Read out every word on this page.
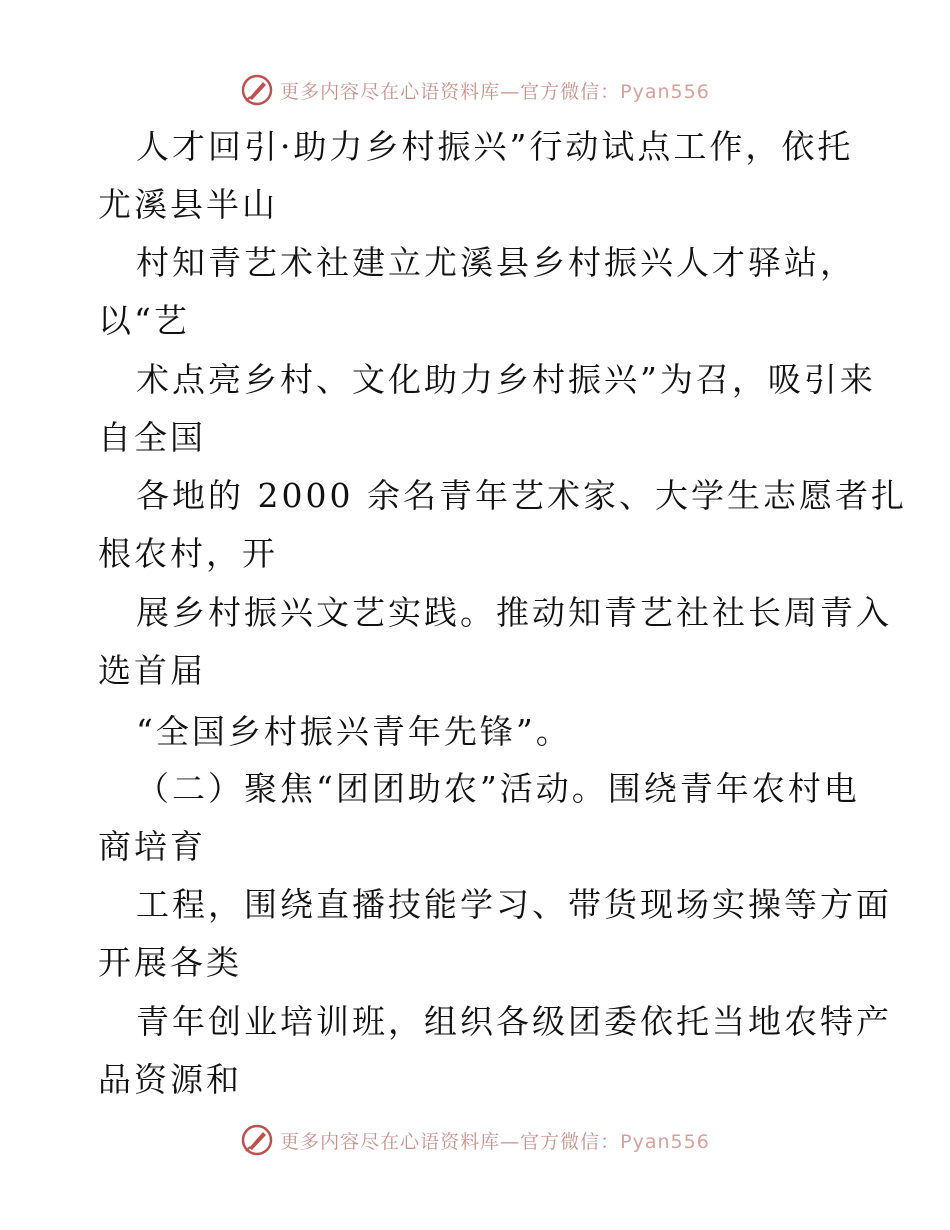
更多内容尽在心语资料库—官方微信：Pyan556
人才回引·助力乡村振兴”行动试点工作，依托
尤溪县半山
村知青艺术社建立尤溪县乡村振兴人才驿站，
以“艺
术点亮乡村、文化助力乡村振兴”为召，吸引来
自全国
各地的 2000 余名青年艺术家、大学生志愿者扎
根农村，开
展乡村振兴文艺实践。推动知青艺社社长周青入
选首届
“全国乡村振兴青年先锋”。
（二）聚焦“团团助农”活动。围绕青年农村电
商培育
工程，围绕直播技能学习、带货现场实操等方面
开展各类
青年创业培训班，组织各级团委依托当地农特产
品资源和
更多内容尽在心语资料库—官方微信：Pyan556
